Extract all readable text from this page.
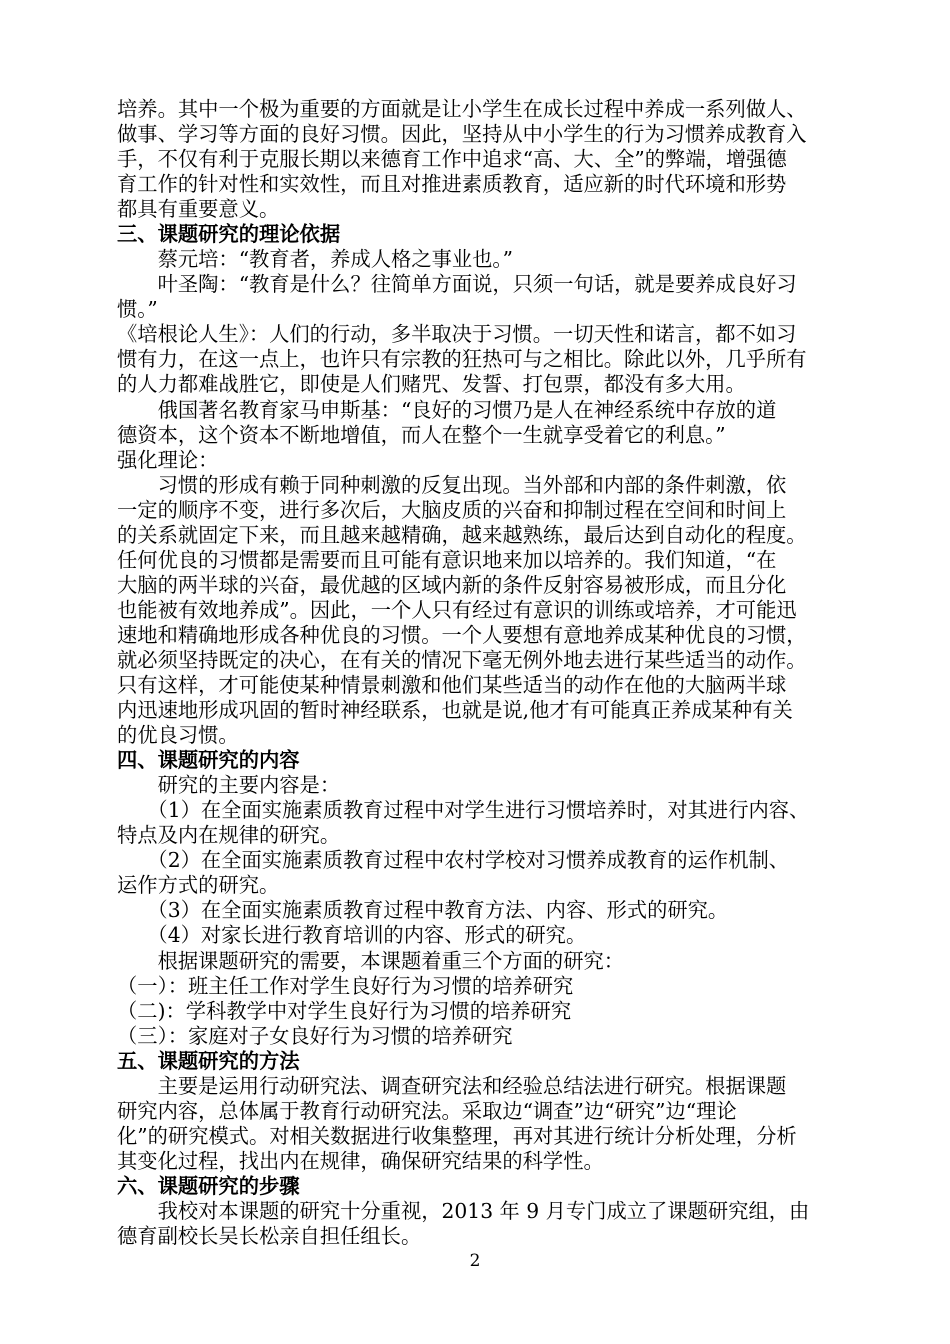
培养。其中一个极为重要的方面就是让小学生在成长过程中养成一系列做人、
做事、学习等方面的良好习惯。因此，坚持从中小学生的行为习惯养成教育入
手，不仅有利于克服长期以来德育工作中追求“高、大、全”的弊端，增强德
育工作的针对性和实效性，而且对推进素质教育，适应新的时代环境和形势
都具有重要意义。
三、课题研究的理论依据
　　蔡元培：“教育者，养成人格之事业也。”
　　叶圣陶：“教育是什么？往简单方面说，只须一句话，就是要养成良好习
惯。”
《培根论人生》：人们的行动，多半取决于习惯。一切天性和诺言，都不如习
惯有力，在这一点上，也许只有宗教的狂热可与之相比。除此以外，几乎所有
的人力都难战胜它，即使是人们赌咒、发誓、打包票，都没有多大用。
　　俄国著名教育家马申斯基：“良好的习惯乃是人在神经系统中存放的道
德资本，这个资本不断地增值，而人在整个一生就享受着它的利息。”
强化理论：
　　习惯的形成有赖于同种刺激的反复出现。当外部和内部的条件刺激，依
一定的顺序不变，进行多次后，大脑皮质的兴奋和抑制过程在空间和时间上
的关系就固定下来，而且越来越精确，越来越熟练，最后达到自动化的程度。
任何优良的习惯都是需要而且可能有意识地来加以培养的。我们知道，“在
大脑的两半球的兴奋，最优越的区域内新的条件反射容易被形成，而且分化
也能被有效地养成”。因此，一个人只有经过有意识的训练或培养，才可能迅
速地和精确地形成各种优良的习惯。一个人要想有意地养成某种优良的习惯，
就必须坚持既定的决心，在有关的情况下毫无例外地去进行某些适当的动作。
只有这样，才可能使某种情景刺激和他们某些适当的动作在他的大脑两半球
内迅速地形成巩固的暂时神经联系，也就是说,他才有可能真正养成某种有关
的优良习惯。
四、课题研究的内容
　　研究的主要内容是：
　　（1）在全面实施素质教育过程中对学生进行习惯培养时，对其进行内容、
特点及内在规律的研究。
　　（2）在全面实施素质教育过程中农村学校对习惯养成教育的运作机制、
运作方式的研究。
　　（3）在全面实施素质教育过程中教育方法、内容、形式的研究。
　　（4）对家长进行教育培训的内容、形式的研究。
　　根据课题研究的需要，本课题着重三个方面的研究：
（一）：班主任工作对学生良好行为习惯的培养研究
（二)：学科教学中对学生良好行为习惯的培养研究
（三）：家庭对子女良好行为习惯的培养研究
五、课题研究的方法
　　主要是运用行动研究法、调查研究法和经验总结法进行研究。根据课题
研究内容，总体属于教育行动研究法。采取边“调查”边“研究”边“理论
化”的研究模式。对相关数据进行收集整理，再对其进行统计分析处理，分析
其变化过程，找出内在规律，确保研究结果的科学性。
六、课题研究的步骤
　　我校对本课题的研究十分重视，2013 年 9 月专门成立了课题研究组，由
德育副校长吴长松亲自担任组长。
2
